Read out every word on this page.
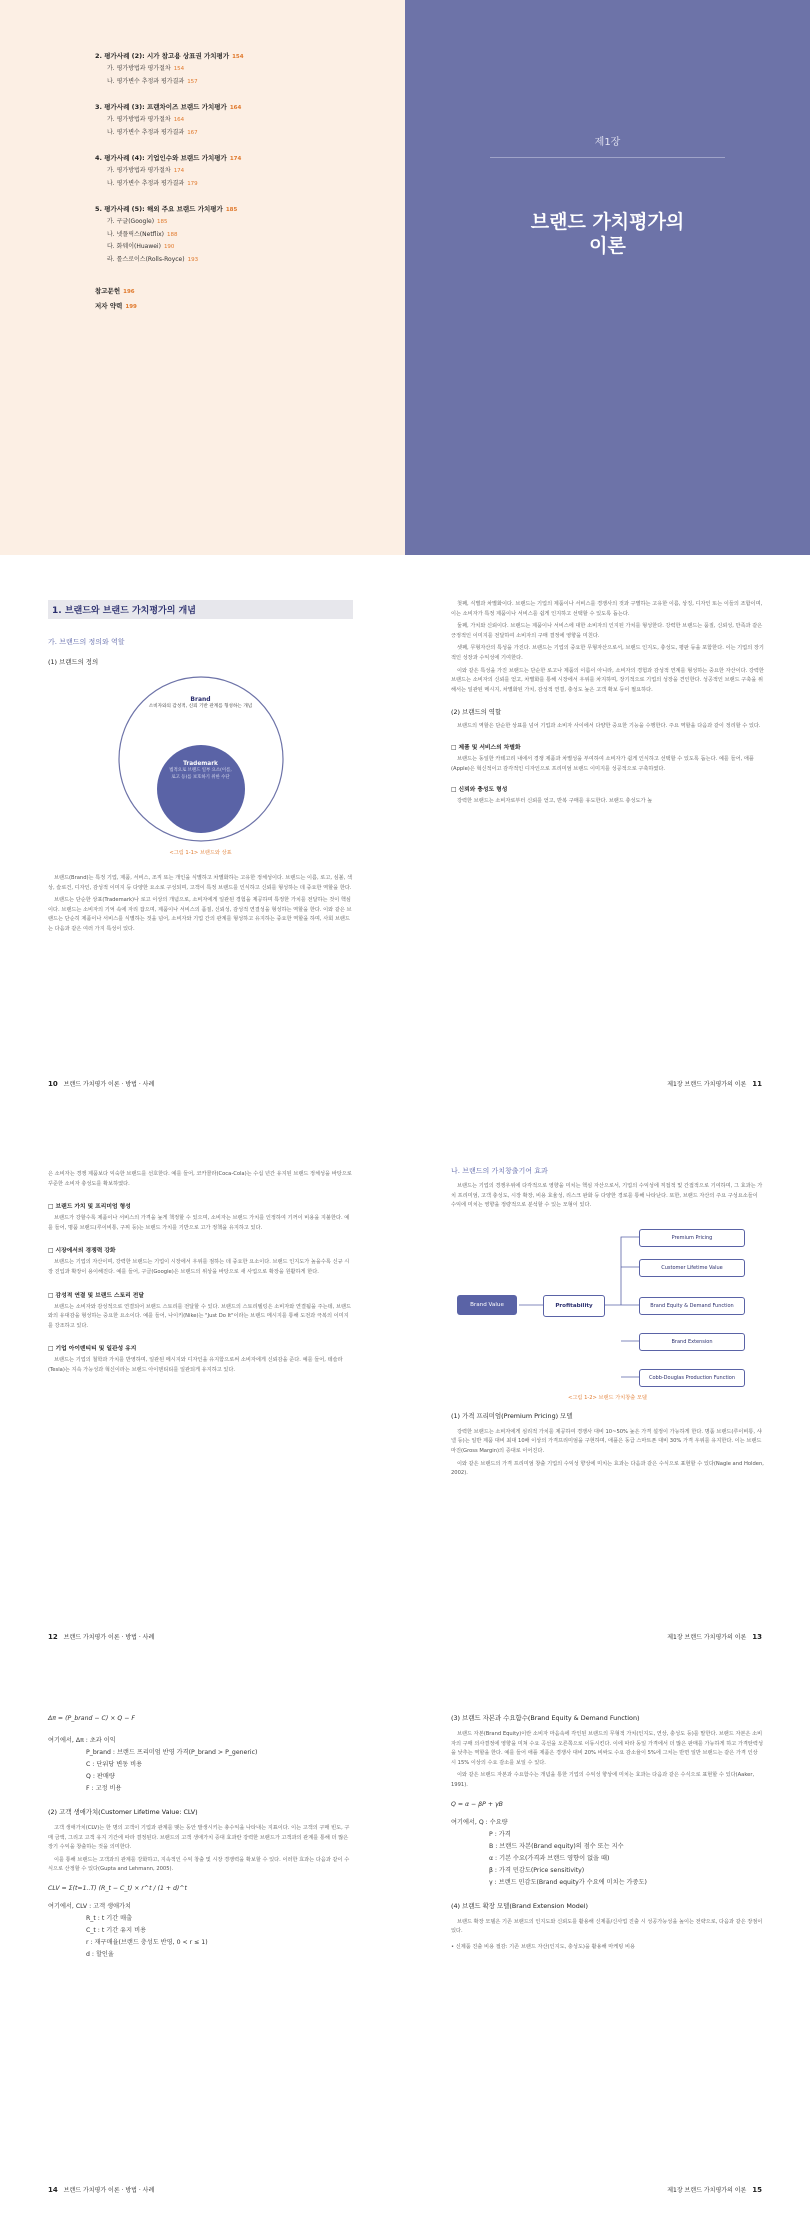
2. 평가사례 (2): 시가 참고용 상표권 가치평가 154
가. 평가방법과 평가절차 154
나. 평가변수 추정과 평가결과 157
3. 평가사례 (3): 프랜차이즈 브랜드 가치평가 164
가. 평가방법과 평가절차 164
나. 평가변수 추정과 평가결과 167
4. 평가사례 (4): 기업인수와 브랜드 가치평가 174
가. 평가방법과 평가절차 174
나. 평가변수 추정과 평가결과 179
5. 평가사례 (5): 해외 주요 브랜드 가치평가 185
가. 구글(Google) 185
나. 넷플릭스(Netflix) 188
다. 화웨이(Huawei) 190
라. 롤스로이스(Rolls-Royce) 193
참고문헌 196
저자 약력 199
제1장
브랜드 가치평가의
이론
1. 브랜드와 브랜드 가치평가의 개념
가. 브랜드의 정의와 역할
(1) 브랜드의 정의
Brand
소비자와의 감성적, 신뢰 기반 관계를 형성하는 개념
Trademark
법적으로 브랜드 일부 요소(이름, 로고 등)를 보호하기 위한 수단
<그림 1-1> 브랜드와 상표

브랜드(Brand)는 특정 기업, 제품, 서비스, 조직 또는 개인을 식별하고 차별화하는 고유한 정체성이다. 브랜드는 이름, 로고, 심볼, 색상, 슬로건, 디자인, 감성적 이미지 등 다양한 요소로 구성되며, 고객이 특정 브랜드를 인식하고 신뢰를 형성하는 데 중요한 역할을 한다.

브랜드는 단순한 상표(Trademark)나 로고 이상의 개념으로, 소비자에게 일관된 경험을 제공하며 특정한 가치를 전달하는 것이 핵심이다. 브랜드는 소비자의 기억 속에 자리 잡으며, 제품이나 서비스의 품질, 신뢰성, 감성적 연결성을 형성하는 역할을 한다. 이와 같은 브랜드는 단순히 제품이나 서비스를 식별하는 것을 넘어, 소비자와 기업 간의 관계를 형성하고 유지하는 중요한 역할을 하며, 사회 브랜드는 다음과 같은 여러 가지 특성이 있다.

10 브랜드 가치평가 이론 · 방법 · 사례

첫째, 식별과 차별화이다. 브랜드는 기업의 제품이나 서비스를 경쟁사의 것과 구별하는 고유한 이름, 상징, 디자인 또는 이들의 조합이며, 이는 소비자가 특정 제품이나 서비스를 쉽게 인지하고 선택할 수 있도록 돕는다.

둘째, 가치와 신뢰이다. 브랜드는 제품이나 서비스에 대한 소비자의 인지된 가치를 형성한다. 강력한 브랜드는 품질, 신뢰성, 만족과 같은 긍정적인 이미지를 전달하여 소비자의 구매 결정에 영향을 미친다.

셋째, 무형자산의 특성을 가진다. 브랜드는 기업의 중요한 무형자산으로서, 브랜드 인지도, 충성도, 평판 등을 포함한다. 이는 기업의 장기적인 성장과 수익성에 기여한다.

이와 같은 특성을 가진 브랜드는 단순한 로고나 제품의 이름이 아니라, 소비자의 경험과 감성적 연계를 형성하는 중요한 자산이다. 강력한 브랜드는 소비자의 신뢰를 얻고, 차별화를 통해 시장에서 우위를 차지하며, 장기적으로 기업의 성장을 견인한다. 성공적인 브랜드 구축을 위해서는 일관된 메시지, 차별화된 가치, 감성적 연결, 충성도 높은 고객 확보 등이 필요하다.

(2) 브랜드의 역할

브랜드의 역할은 단순한 상표를 넘어 기업과 소비자 사이에서 다양한 중요한 기능을 수행한다. 주요 역할을 다음과 같이 정리할 수 있다.

□ 제품 및 서비스의 차별화

브랜드는 동일한 카테고리 내에서 경쟁 제품과 차별성을 부여하여 소비자가 쉽게 인식하고 선택할 수 있도록 돕는다. 예를 들어, 애플(Apple)은 혁신적이고 감각적인 디자인으로 프리미엄 브랜드 이미지를 성공적으로 구축하였다.

□ 신뢰와 충성도 형성

강력한 브랜드는 소비자로부터 신뢰를 얻고, 반복 구매를 유도한다. 브랜드 충성도가 높

제1장 브랜드 가치평가의 이론 11

은 소비자는 경쟁 제품보다 익숙한 브랜드를 선호한다. 예를 들어, 코카콜라(Coca-Cola)는 수십 년간 유지된 브랜드 정체성을 바탕으로 꾸준한 소비자 충성도를 확보하였다.

□ 브랜드 가치 및 프리미엄 형성

브랜드가 강할수록 제품이나 서비스의 가격을 높게 책정할 수 있으며, 소비자는 브랜드 가치를 인정하여 기꺼이 비용을 지불한다. 예를 들어, 명품 브랜드(루이비통, 구찌 등)는 브랜드 가치를 기반으로 고가 정책을 유지하고 있다.

□ 시장에서의 경쟁력 강화

브랜드는 기업의 자산이며, 강력한 브랜드는 기업이 시장에서 우위를 점하는 데 중요한 요소이다. 브랜드 인지도가 높을수록 신규 시장 진입과 확장이 용이해진다. 예를 들어, 구글(Google)은 브랜드의 위상을 바탕으로 새 사업으로 확장을 원활하게 한다.

□ 감성적 연결 및 브랜드 스토리 전달

브랜드는 소비자와 감성적으로 연결되어 브랜드 스토리를 전달할 수 있다. 브랜드의 스토리텔링은 소비자와 연결됨을 주는데, 브랜드와의 유대감을 형성하는 중요한 요소이다. 예를 들어, 나이키(Nike)는 "Just Do It"이라는 브랜드 메시지를 통해 도전과 극복의 이미지를 강조하고 있다.

□ 기업 아이덴티티 및 일관성 유지

브랜드는 기업의 철학과 가치를 반영하며, 일관된 메시지와 디자인을 유지함으로써 소비자에게 신뢰감을 준다. 예를 들어, 테슬라(Tesla)는 지속 가능성과 혁신이라는 브랜드 아이덴티티를 일관되게 유지하고 있다.

12 브랜드 가치평가 이론 · 방법 · 사례
나. 브랜드의 가치창출기여 효과

브랜드는 기업의 경쟁우위에 다각적으로 영향을 미치는 핵심 자산으로서, 기업의 수익성에 직접적 및 간접적으로 기여하며, 그 효과는 가치 프리미엄, 고객 충성도, 시장 확장, 비용 효율성, 리스크 완화 등 다양한 경로를 통해 나타난다. 또한, 브랜드 자산의 주요 구성요소들이 수익에 미치는 영향을 정량적으로 분석할 수 있는 모형이 있다.

Brand Value	Profitability
Premium Pricing
Customer Lifetime Value
Brand Equity & Demand Function
Brand Extension
Cobb-Douglas Production Function
<그림 1-2> 브랜드 가치창출 모델
(1) 가격 프리미엄(Premium Pricing) 모델

강력한 브랜드는 소비자에게 심리적 가치를 제공하여 경쟁사 대비 10~50% 높은 가격 설정이 가능하게 한다. 명품 브랜드(루이비통, 샤넬 등)는 일반 제품 대비 최대 10배 이상의 가격프리미엄을 구현하며, 애플은 동급 스마트폰 대비 30% 가격 우위를 유지한다. 이는 브랜드 마진(Gross Margin)의 증대로 이어진다.

이와 같은 브랜드의 가격 프리미엄 창출 기업의 수익성 향상에 미치는 효과는 다음과 같은 수식으로 표현할 수 있다(Nagle and Holden, 2002).

제1장 브랜드 가치평가의 이론 13
Δπ = (P_brand − C) × Q − F
여기에서, Δπ : 초과 이익
P_brand : 브랜드 프리미엄 반영 가격(P_brand > P_generic)
C : 단위당 변동 비용
Q : 판매량
F : 고정 비용
(2) 고객 생애가치(Customer Lifetime Value: CLV)

고객 생애가치(CLV)는 한 명의 고객이 기업과 관계를 맺는 동안 발생시키는 총수익을 나타내는 지표이다. 이는 고객의 구매 빈도, 구매 금액, 그리고 고객 유지 기간에 따라 결정된다. 브랜드의 고객 생애가치 증대 효과란 강력한 브랜드가 고객과의 관계를 통해 더 많은 장기 수익을 창출하는 것을 의미한다.

이를 통해 브랜드는 고객과의 관계를 강화하고, 지속적인 수익 창출 및 시장 경쟁력을 확보할 수 있다. 이러한 효과는 다음과 같이 수식으로 산정할 수 있다(Gupta and Lehmann, 2005).

CLV = Σ(t=1..T) (R_t − C_t) × r^t / (1 + d)^t
여기에서, CLV : 고객 생애가치
R_t : t 기간 매출
C_t : t 기간 유지 비용
r : 재구매율(브랜드 충성도 반영, 0 < r ≤ 1)
d : 할인율
14 브랜드 가치평가 이론 · 방법 · 사례
(3) 브랜드 자본과 수요함수(Brand Equity & Demand Function)

브랜드 자본(Brand Equity)이란 소비자 마음속에 각인된 브랜드의 무형적 가치(인지도, 연상, 충성도 등)를 말한다. 브랜드 자본은 소비자의 구매 의사결정에 영향을 미쳐 수요 곡선을 오른쪽으로 이동시킨다. 이에 따라 동일 가격에서 더 많은 판매를 가능하게 하고 가격탄력성을 낮추는 역할을 한다. 예를 들어 애플 제품은 경쟁사 대비 20% 비싸도 수요 감소율이 5%에 그치는 반면 일반 브랜드는 같은 가격 인상 시 15% 이상의 수요 감소를 보일 수 있다.

이와 같은 브랜드 자본과 수요함수는 개념을 통한 기업의 수익성 향상에 미치는 효과는 다음과 같은 수식으로 표현할 수 있다(Aaker, 1991).

Q = α − βP + γB
여기에서, Q : 수요량
P : 가격
B : 브랜드 자본(Brand equity)의 점수 또는 지수
α : 기본 수요(가격과 브랜드 영향이 없을 때)
β : 가격 민감도(Price sensitivity)
γ : 브랜드 민감도(Brand equity가 수요에 미치는 가중도)
(4) 브랜드 확장 모델(Brand Extension Model)

브랜드 확장 모델은 기존 브랜드의 인지도와 신뢰도를 활용해 신제품/신사업 진출 시 성공가능성을 높이는 전략으로, 다음과 같은 장점이 있다.

• 신제품 진출 비용 절감: 기존 브랜드 자산(인지도, 충성도)을 활용해 마케팅 비용

제1장 브랜드 가치평가의 이론 15
